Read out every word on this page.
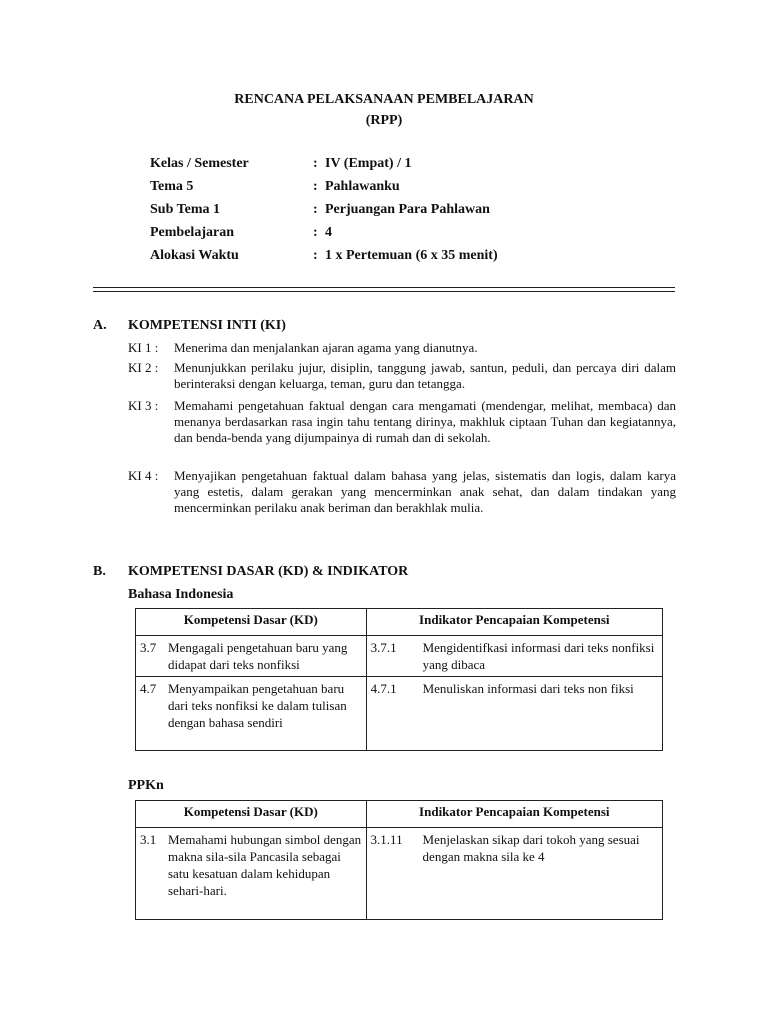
RENCANA PELAKSANAAN PEMBELAJARAN
(RPP)
Kelas / Semester	: IV (Empat) / 1
Tema 5	: Pahlawanku
Sub Tema 1	: Perjuangan Para Pahlawan
Pembelajaran	: 4
Alokasi Waktu	: 1 x Pertemuan (6 x 35 menit)
A. KOMPETENSI INTI (KI)
KI 1 : Menerima dan menjalankan ajaran agama yang dianutnya.
KI 2 : Menunjukkan perilaku jujur, disiplin, tanggung jawab, santun, peduli, dan percaya diri dalam berinteraksi dengan keluarga, teman, guru dan tetangga.
KI 3 : Memahami pengetahuan faktual dengan cara mengamati (mendengar, melihat, membaca) dan menanya berdasarkan rasa ingin tahu tentang dirinya, makhluk ciptaan Tuhan dan kegiatannya, dan benda-benda yang dijumpainya di rumah dan di sekolah.
KI 4 : Menyajikan pengetahuan faktual dalam bahasa yang jelas, sistematis dan logis, dalam karya yang estetis, dalam gerakan yang mencerminkan anak sehat, dan dalam tindakan yang mencerminkan perilaku anak beriman dan berakhlak mulia.
B. KOMPETENSI DASAR (KD) & INDIKATOR
Bahasa Indonesia
Kompetensi Dasar (KD)	Indikator Pencapaian Kompetensi

3.7 Mengagali pengetahuan baru yang didapat dari teks nonfiksi	3.7.1 Mengidentifkasi informasi dari teks nonfiksi yang dibaca

4.7 Menyampaikan pengetahuan baru dari teks nonfiksi ke dalam tulisan dengan bahasa sendiri	4.7.1 Menuliskan informasi dari teks non fiksi
PPKn
Kompetensi Dasar (KD)	Indikator Pencapaian Kompetensi

3.1 Memahami hubungan simbol dengan makna sila-sila Pancasila sebagai satu kesatuan dalam kehidupan sehari-hari.	3.1.11 Menjelaskan sikap dari tokoh yang sesuai dengan makna sila ke 4
